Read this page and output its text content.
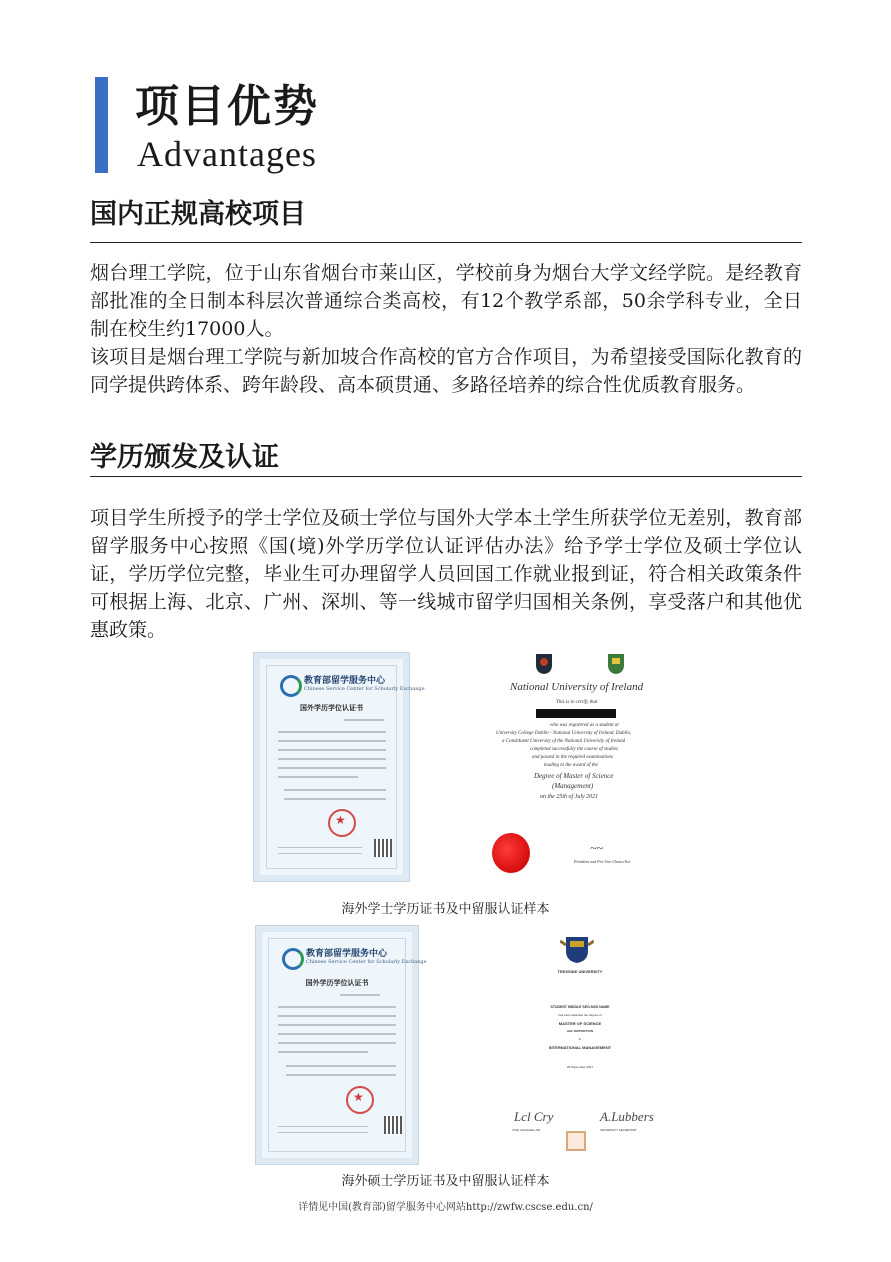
项目优势
Advantages
国内正规高校项目

烟台理工学院，位于山东省烟台市莱山区，学校前身为烟台大学文经学院。是经教育部批准的全日制本科层次普通综合类高校，有12个教学系部，50余学科专业，全日制在校生约17000人。

该项目是烟台理工学院与新加坡合作高校的官方合作项目，为希望接受国际化教育的同学提供跨体系、跨年龄段、高本硕贯通、多路径培养的综合性优质教育服务。

学历颁发及认证

项目学生所授予的学士学位及硕士学位与国外大学本土学生所获学位无差别，教育部留学服务中心按照《国(境)外学历学位认证评估办法》给予学士学位及硕士学位认证，学历学位完整，毕业生可办理留学人员回国工作就业报到证，符合相关政策条件可根据上海、北京、广州、深圳、等一线城市留学归国相关条例，享受落户和其他优惠政策。

教育部留学服务中心
Chinese Service Center for Scholarly Exchange
国外学历学位认证书
★
National University of Ireland
This is to certify that
who was registered as a student at
University College Dublin - National University of Ireland, Dublin,
a Constituent University of the National University of Ireland
completed successfully the course of studies
and passed in the required examinations
leading to the award of the
Degree of Master of Science
(Management)
on the 25th of July 2021
~~
President and Pro-Vice-Chancellor
海外学士学历证书及中留服认证样本
教育部留学服务中心
Chinese Service Center for Scholarly Exchange
国外学历学位认证书
★
TEESSIDE UNIVERSITY
STUDENT MIDDLE SEG-NSS NAME
has been awarded the degree of
MASTER OF SCIENCE
with DISTINCTION
in
INTERNATIONAL MANAGEMENT
29 September 2017
Lcl Cry	A.Lubbers
VICE CHANCELLOR	UNIVERSITY SECRETARY
海外硕士学历证书及中留服认证样本
详情见中国(教育部)留学服务中心网站http://zwfw.cscse.edu.cn/
